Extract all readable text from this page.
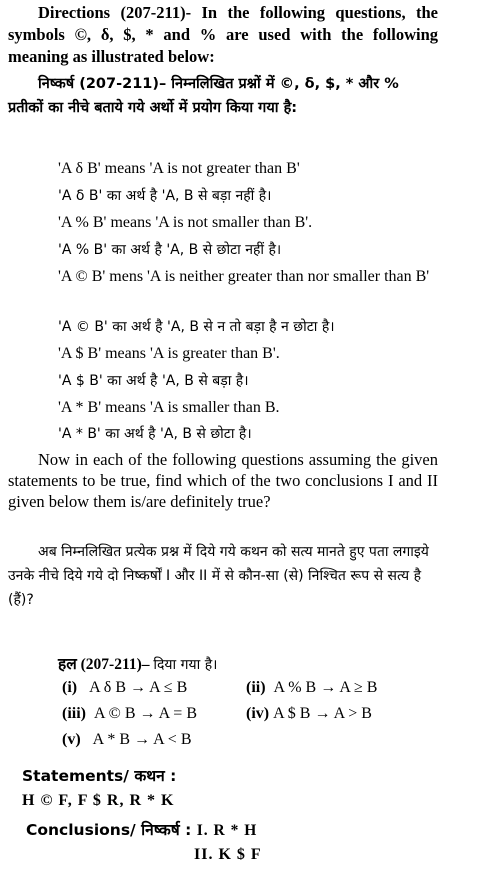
Directions (207-211)- In the following questions, the symbols ©, δ, $, * and % are used with the following meaning as illustrated below:

निष्कर्ष (207-211)– निम्नलिखित प्रश्नों में ©, δ, $, * और % प्रतीकों का नीचे बताये गये अर्थो में प्रयोग किया गया है:

'A δ B' means 'A is not greater than B'
'A δ B' का अर्थ है 'A, B से बड़ा नहीं है।
'A % B' means 'A is not smaller than B'.
'A % B' का अर्थ है 'A, B से छोटा नहीं है।
'A © B' mens 'A is neither greater than nor smaller than B'
'A © B' का अर्थ है 'A, B से न तो बड़ा है न छोटा है।
'A $ B' means 'A is greater than B'.
'A $ B' का अर्थ है 'A, B से बड़ा है।
'A * B' means 'A is smaller than B.
'A * B' का अर्थ है 'A, B से छोटा है।

Now in each of the following questions assuming the given statements to be true, find which of the two conclusions I and II given below them is/are definitely true?

अब निम्नलिखित प्रत्येक प्रश्न में दिये गये कथन को सत्य मानते हुए पता लगाइये उनके नीचे दिये गये दो निष्कर्षों I और II में से कौन-सा (से) निश्चित रूप से सत्य है (हैं)?

हल (207-211)– दिया गया है।
(i) A δ B → A ≤ B	(ii) A % B → A ≥ B
(iii) A © B → A = B	(iv) A $ B → A > B
(v) A * B → A < B
Statements/ कथन :
H © F, F $ R, R * K
Conclusions/ निष्कर्ष : I. R * H
II. K $ F
